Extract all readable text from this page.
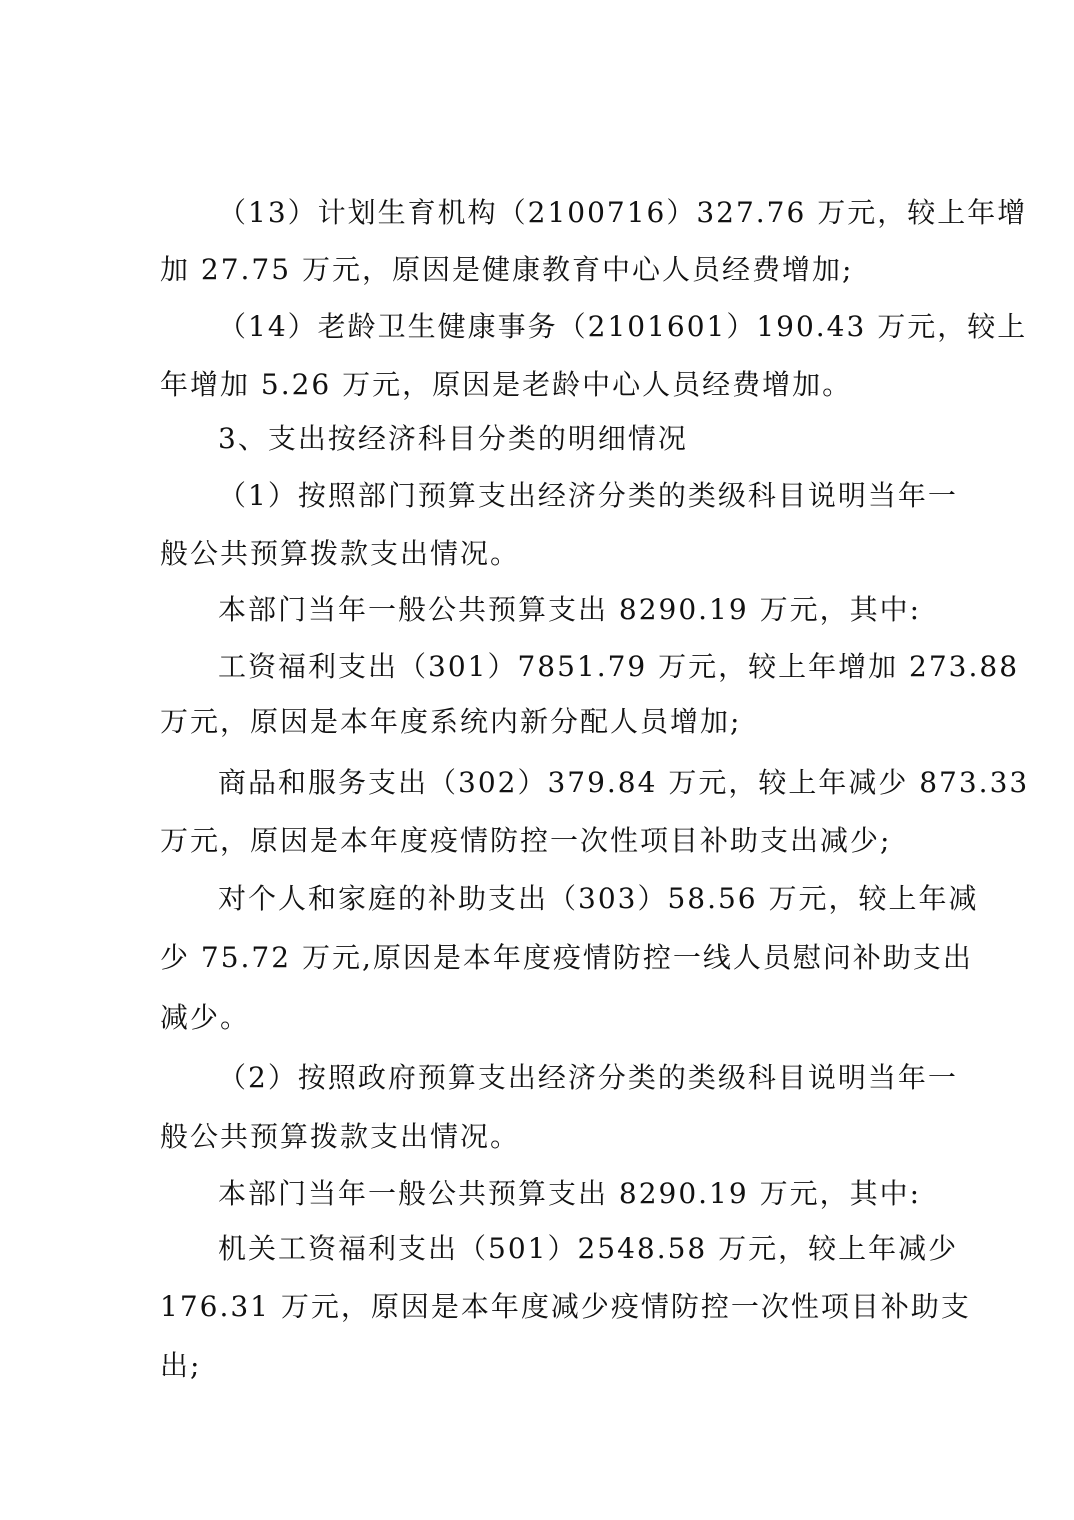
（13）计划生育机构（2100716）327.76 万元，较上年增
加 27.75 万元，原因是健康教育中心人员经费增加;
（14）老龄卫生健康事务（2101601）190.43 万元，较上
年增加 5.26 万元，原因是老龄中心人员经费增加。
3、支出按经济科目分类的明细情况
（1）按照部门预算支出经济分类的类级科目说明当年一
般公共预算拨款支出情况。
本部门当年一般公共预算支出 8290.19 万元，其中:
工资福利支出（301）7851.79 万元，较上年增加 273.88
万元，原因是本年度系统内新分配人员增加;
商品和服务支出（302）379.84 万元，较上年减少 873.33
万元，原因是本年度疫情防控一次性项目补助支出减少;
对个人和家庭的补助支出（303）58.56 万元，较上年减
少 75.72 万元,原因是本年度疫情防控一线人员慰问补助支出
减少。
（2）按照政府预算支出经济分类的类级科目说明当年一
般公共预算拨款支出情况。
本部门当年一般公共预算支出 8290.19 万元，其中:
机关工资福利支出（501）2548.58 万元，较上年减少
176.31 万元，原因是本年度减少疫情防控一次性项目补助支
出;
